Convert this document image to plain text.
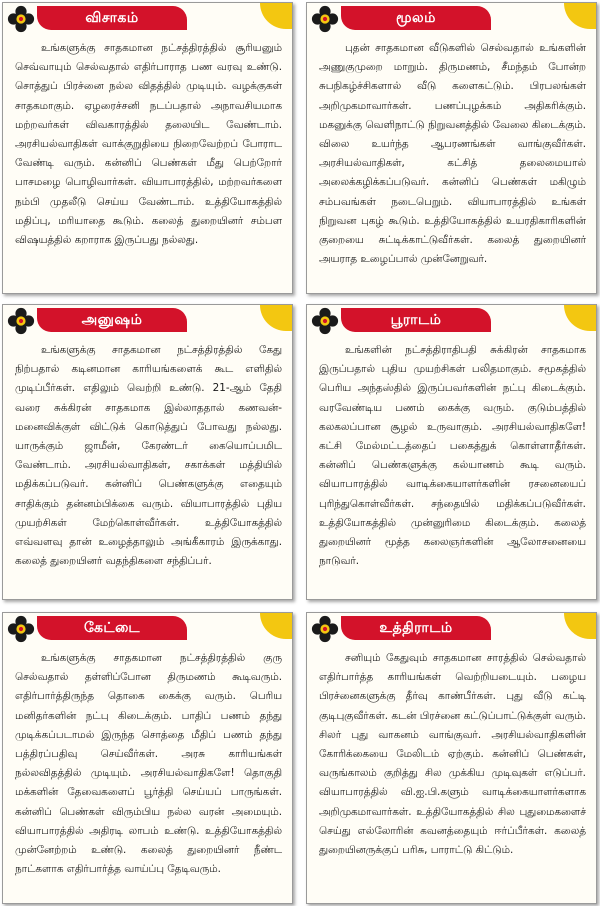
விசாகம்
உங்களுக்கு சாதகமான நட்சத்திரத்தில் சூரியனும் செவ்வாயும் செல்வதால் எதிர்பாராத பண வரவு உண்டு. சொத்துப் பிரச்னை நல்ல விதத்தில் முடியும். வழக்குகள் சாதகமாகும். ஏழரைச்சனி நடப்பதால் அநாவசியமாக மற்றவர்கள் விவகாரத்தில் தலையிட வேண்டாம். அரசியல்வாதிகள் வாக்குறுதியை நிறைவேற்றப் போராட வேண்டி வரும். கன்னிப் பெண்கள் மீது பெற்றோர் பாசமழை பொழிவார்கள். வியாபாரத்தில், மற்றவர்களை நம்பி முதலீடு செய்ய வேண்டாம். உத்தியோகத்தில் மதிப்பு, மரியாதை கூடும். கலைத் துறையினர் சம்பள விஷயத்தில் கறாராக இருப்பது நல்லது.
மூலம்
புதன் சாதகமான வீடுகளில் செல்வதால் உங்களின் அணுகுமுறை மாறும். திருமணம், சீமந்தம் போன்ற சுபநிகழ்ச்சிகளால் வீடு களைகட்டும். பிரபலங்கள் அறிமுகமாவார்கள். பணப்புழக்கம் அதிகரிக்கும். மகனுக்கு வெளிநாட்டு நிறுவனத்தில் வேலை கிடைக்கும். விலை உயர்ந்த ஆபரணங்கள் வாங்குவீர்கள். அரசியல்வாதிகள், கட்சித் தலைமையால் அலைக்கழிக்கப்படுவர். கன்னிப் பெண்கள் மகிழும் சம்பவங்கள் நடைபெறும். வியாபாரத்தில் உங்கள் நிறுவன புகழ் கூடும். உத்தியோகத்தில் உயரதிகாரிகளின் குறையை சுட்டிக்காட்டுவீர்கள். கலைத் துறையினர் அயராத உழைப்பால் முன்னேறுவர்.
அனுஷம்
உங்களுக்கு சாதகமான நட்சத்திரத்தில் கேது நிற்பதால் கடினமான காரியங்களைக் கூட எளிதில் முடிப்பீர்கள். எதிலும் வெற்றி உண்டு. 21-ஆம் தேதி வரை சுக்கிரன் சாதகமாக இல்லாததால் கணவன்-மனைவிக்குள் விட்டுக் கொடுத்துப் போவது நல்லது. யாருக்கும் ஜாமீன், கேரண்டர் கையொப்பமிட வேண்டாம். அரசியல்வாதிகள், சகாக்கள் மத்தியில் மதிக்கப்படுவர். கன்னிப் பெண்களுக்கு எதையும் சாதிக்கும் தன்னம்பிக்கை வரும். வியாபாரத்தில் புதிய முயற்சிகள் மேற்கொள்வீர்கள். உத்தியோகத்தில் எவ்வளவு தான் உழைத்தாலும் அங்கீகாரம் இருக்காது. கலைத் துறையினர் வதந்திகளை சந்திப்பர்.
பூராடம்
உங்களின் நட்சத்திராதிபதி சுக்கிரன் சாதகமாக இருப்பதால் புதிய முயற்சிகள் பலிதமாகும். சமூகத்தில் பெரிய அந்தஸ்தில் இருப்பவர்களின் நட்பு கிடைக்கும். வரவேண்டிய பணம் கைக்கு வரும். குடும்பத்தில் கலகலப்பான சூழல் உருவாகும். அரசியல்வாதிகளே! கட்சி மேல்மட்டத்தைப் பகைத்துக் கொள்ளாதீர்கள். கன்னிப் பெண்களுக்கு கல்யாணம் கூடி வரும். வியாபாரத்தில் வாடிக்கையாளர்களின் ரசனையைப் புரிந்துகொள்வீர்கள். சந்தையில் மதிக்கப்படுவீர்கள். உத்தியோகத்தில் முன்னுரிமை கிடைக்கும். கலைத் துறையினர் மூத்த கலைஞர்களின் ஆலோசனையை நாடுவர்.
கேட்டை
உங்களுக்கு சாதகமான நட்சத்திரத்தில் குரு செல்வதால் தள்ளிப்போன திருமணம் கூடிவரும். எதிர்பார்த்திருந்த தொகை கைக்கு வரும். பெரிய மனிதர்களின் நட்பு கிடைக்கும். பாதிப் பணம் தந்து முடிக்கப்படாமல் இருந்த சொத்தை மீதிப் பணம் தந்து பத்திரப்பதிவு செய்வீர்கள். அரசு காரியங்கள் நல்லவிதத்தில் முடியும். அரசியல்வாதிகளே! தொகுதி மக்களின் தேவைகளைப் பூர்த்தி செய்யப் பாருங்கள். கன்னிப் பெண்கள் விரும்பிய நல்ல வரன் அமையும். வியாபாரத்தில் அதிரடி லாபம் உண்டு. உத்தியோகத்தில் முன்னேற்றம் உண்டு. கலைத் துறையினர் நீண்ட நாட்களாக எதிர்பார்த்த வாய்ப்பு தேடிவரும்.
உத்திராடம்
சனியும் கேதுவும் சாதகமான சாரத்தில் செல்வதால் எதிர்பார்த்த காரியங்கள் வெற்றியடையும். பழைய பிரச்னைகளுக்கு தீர்வு காண்பீர்கள். புது வீடு கட்டி குடிபுகுவீர்கள். கடன் பிரச்னை கட்டுப்பாட்டுக்குள் வரும். சிலர் புது வாகனம் வாங்குவர். அரசியல்வாதிகளின் கோரிக்கையை மேலிடம் ஏற்கும். கன்னிப் பெண்கள், வருங்காலம் குறித்து சில முக்கிய முடிவுகள் எடுப்பர். வியாபாரத்தில் வி.ஐ.பி.களும் வாடிக்கையாளர்களாக அறிமுகமாவார்கள். உத்தியோகத்தில் சில புதுமைகளைச் செய்து எல்லோரின் கவனத்தையும் ஈர்ப்பீர்கள். கலைத் துறையினருக்குப் பரிசு, பாராட்டு கிட்டும்.
